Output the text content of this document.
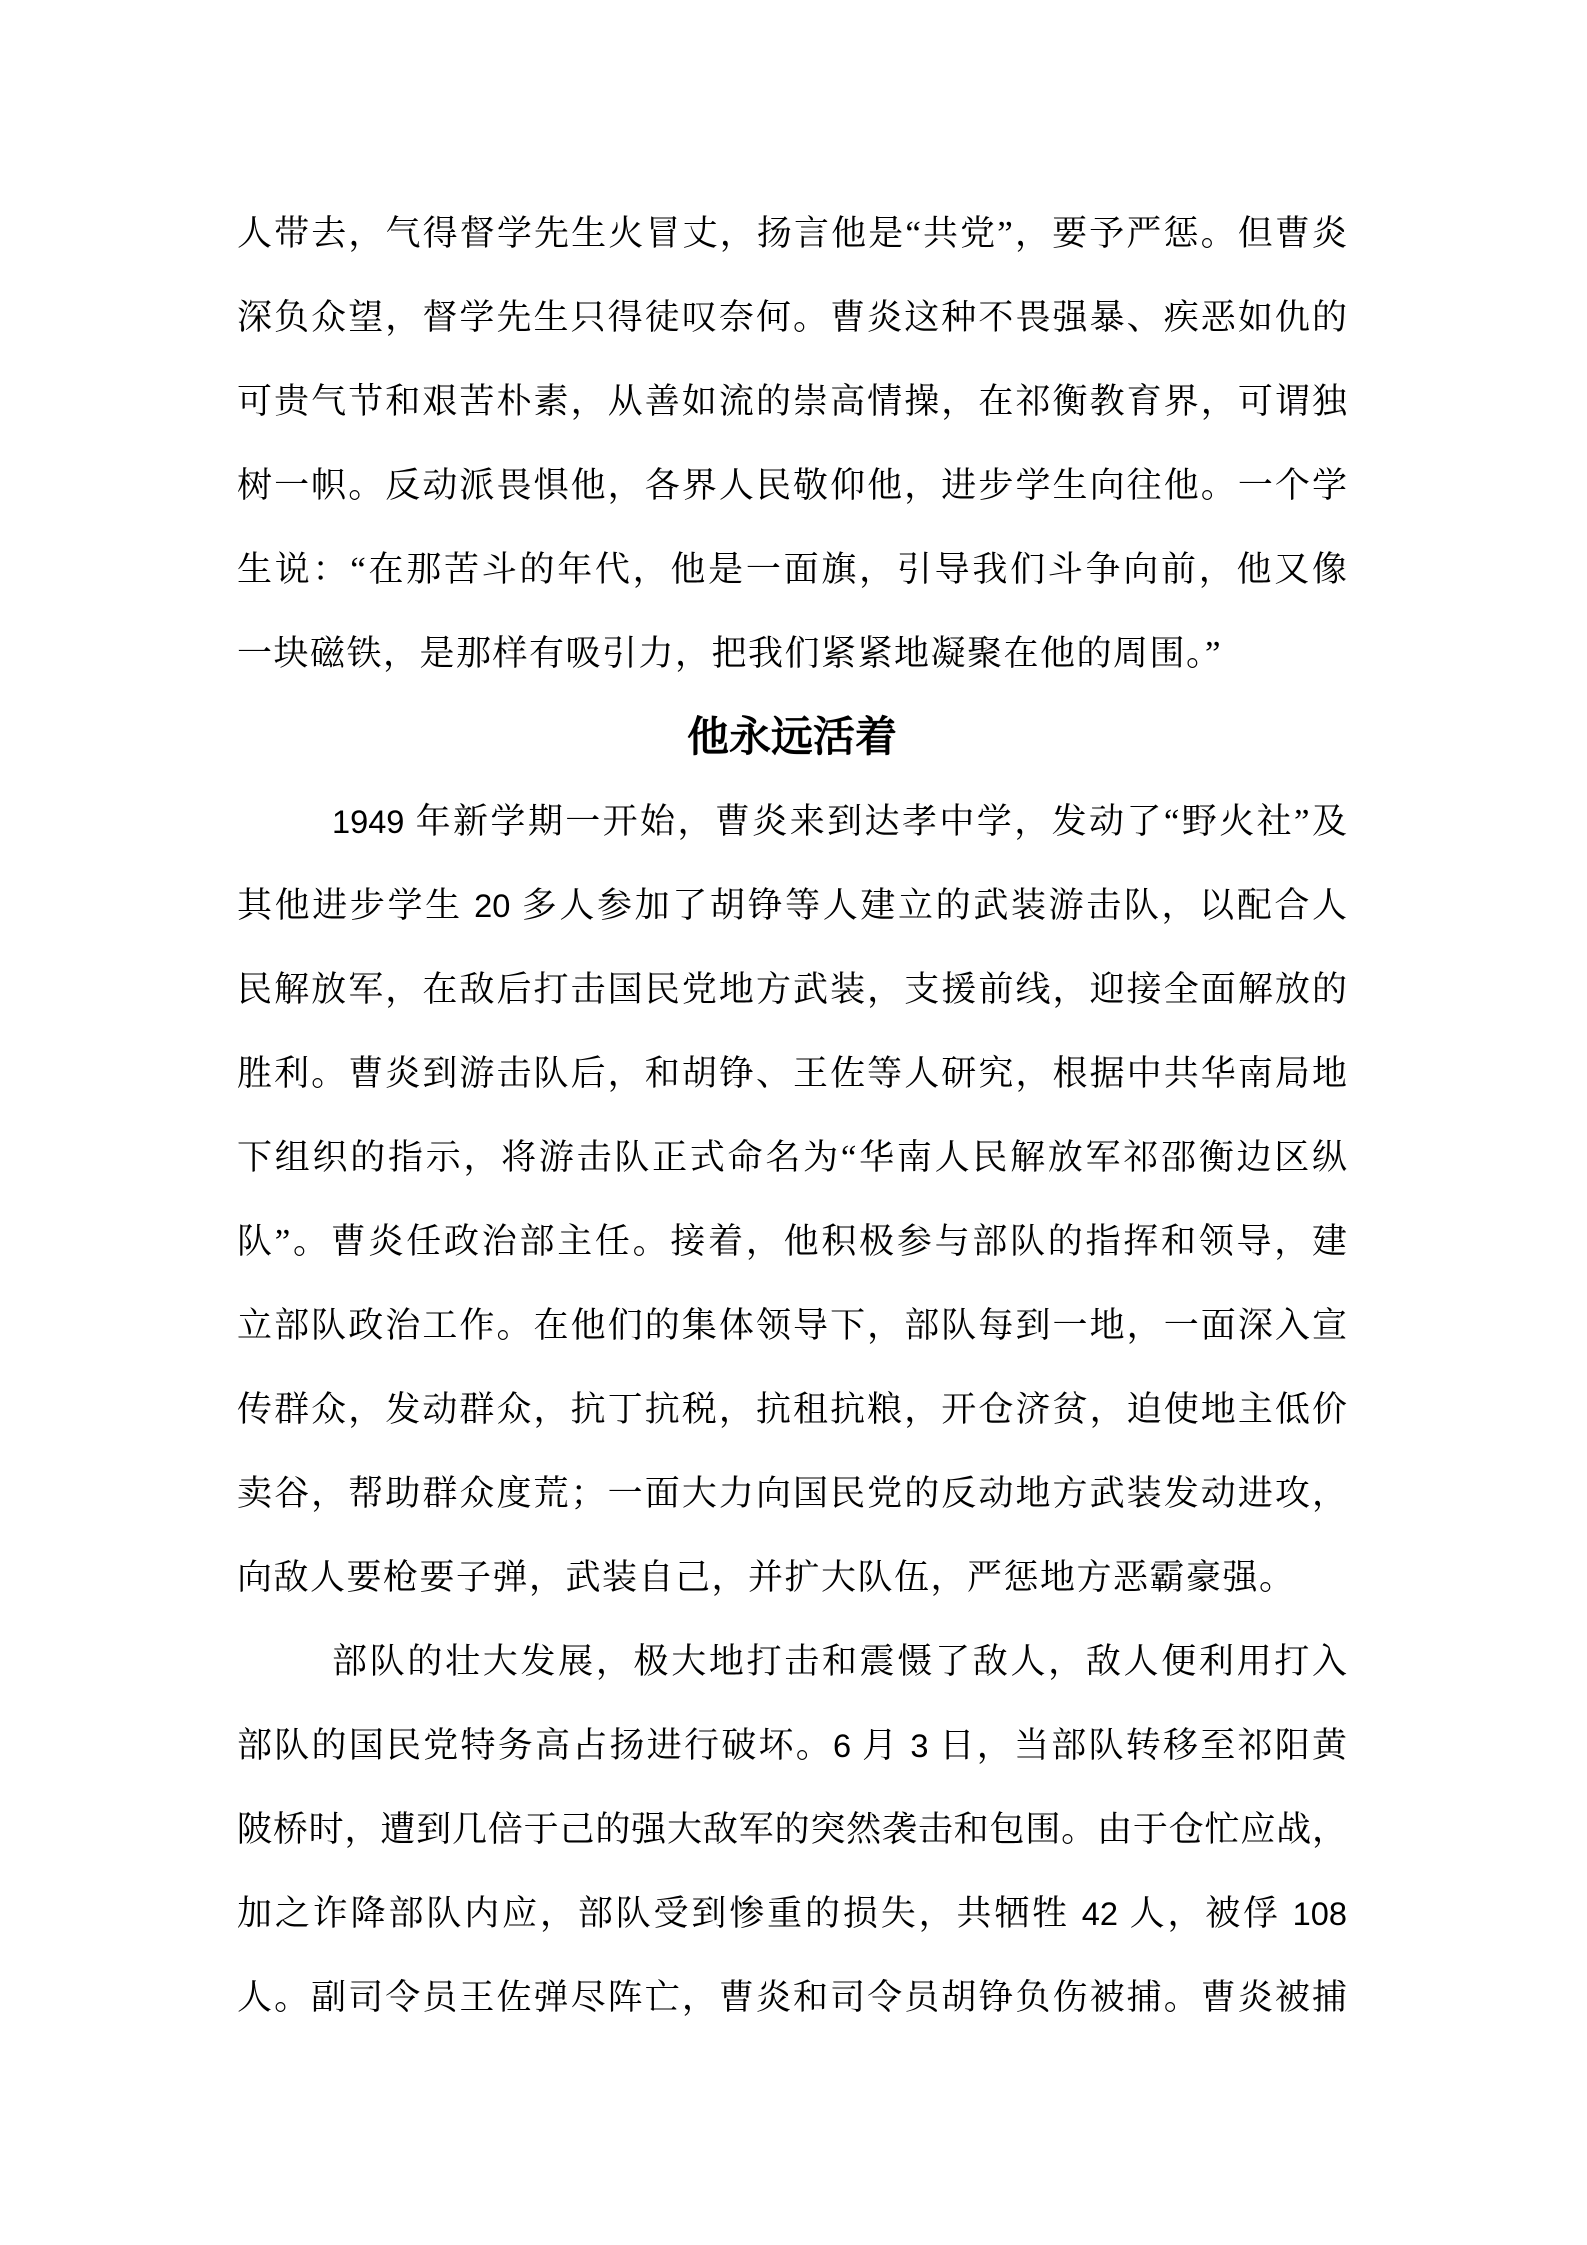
人带去，气得督学先生火冒丈，扬言他是“共党”，要予严惩。但曹炎
深负众望，督学先生只得徒叹奈何。曹炎这种不畏强暴、疾恶如仇的
可贵气节和艰苦朴素，从善如流的崇高情操，在祁衡教育界，可谓独
树一帜。反动派畏惧他，各界人民敬仰他，进步学生向往他。一个学
生说：“在那苦斗的年代，他是一面旗，引导我们斗争向前，他又像
一块磁铁，是那样有吸引力，把我们紧紧地凝聚在他的周围。”
他永远活着
1949 年新学期一开始，曹炎来到达孝中学，发动了“野火社”及
其他进步学生 20 多人参加了胡铮等人建立的武装游击队，以配合人
民解放军，在敌后打击国民党地方武装，支援前线，迎接全面解放的
胜利。曹炎到游击队后，和胡铮、王佐等人研究，根据中共华南局地
下组织的指示，将游击队正式命名为“华南人民解放军祁邵衡边区纵
队”。曹炎任政治部主任。接着，他积极参与部队的指挥和领导，建
立部队政治工作。在他们的集体领导下，部队每到一地，一面深入宣
传群众，发动群众，抗丁抗税，抗租抗粮，开仓济贫，迫使地主低价
卖谷，帮助群众度荒；一面大力向国民党的反动地方武装发动进攻，
向敌人要枪要子弹，武装自己，并扩大队伍，严惩地方恶霸豪强。
部队的壮大发展，极大地打击和震慑了敌人，敌人便利用打入
部队的国民党特务高占扬进行破坏。6 月 3 日，当部队转移至祁阳黄
陂桥时，遭到几倍于己的强大敌军的突然袭击和包围。由于仓忙应战，
加之诈降部队内应，部队受到惨重的损失，共牺牲 42 人，被俘 108
人。副司令员王佐弹尽阵亡，曹炎和司令员胡铮负伤被捕。曹炎被捕
